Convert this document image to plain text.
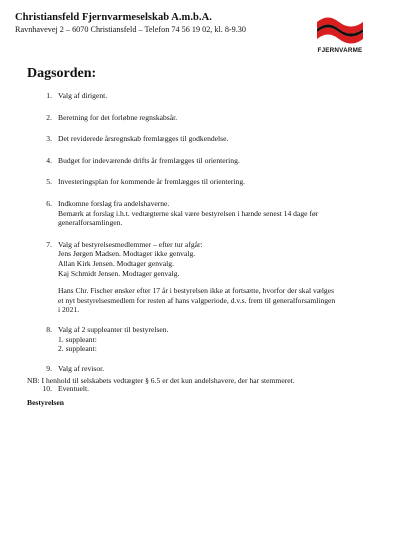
Christiansfeld Fjernvarmeselskab A.m.b.A.
Ravnhavevej 2 – 6070 Christiansfeld – Telefon 74 56 19 02, kl. 8-9.30
FJERNVARME
Dagsorden:
1. Valg af dirigent.
2. Beretning for det forløbne regnskabsår.
3. Det reviderede årsregnskab fremlægges til godkendelse.
4. Budget for indeværende drifts år fremlægges til orientering.
5. Investeringsplan for kommende år fremlægges til orientering.
6. Indkomne forslag fra andelshaverne.
Bemærk at forslag i.h.t. vedtægterne skal være bestyrelsen i hænde senest 14 dage før
generalforsamlingen.
7. Valg af bestyrelsesmedlemmer – efter tur afgår:
Jens Jørgen Madsen. Modtager ikke genvalg.
Allan Kirk Jensen. Modtager genvalg.
Kaj Schmidt Jensen. Modtager genvalg.
Hans Chr. Fischer ønsker efter 17 år i bestyrelsen ikke at fortsætte, hvorfor der skal vælges
et nyt bestyrelsesmedlem for resten af hans valgperiode, d.v.s. frem til generalforsamlingen
i 2021.
8. Valg af 2 suppleanter til bestyrelsen.
1. suppleant:
2. suppleant:
9. Valg af revisor.
10. Eventuelt.
NB: I henhold til selskabets vedtægter § 6.5 er det kun andelshavere, der har stemmeret.
Bestyrelsen
